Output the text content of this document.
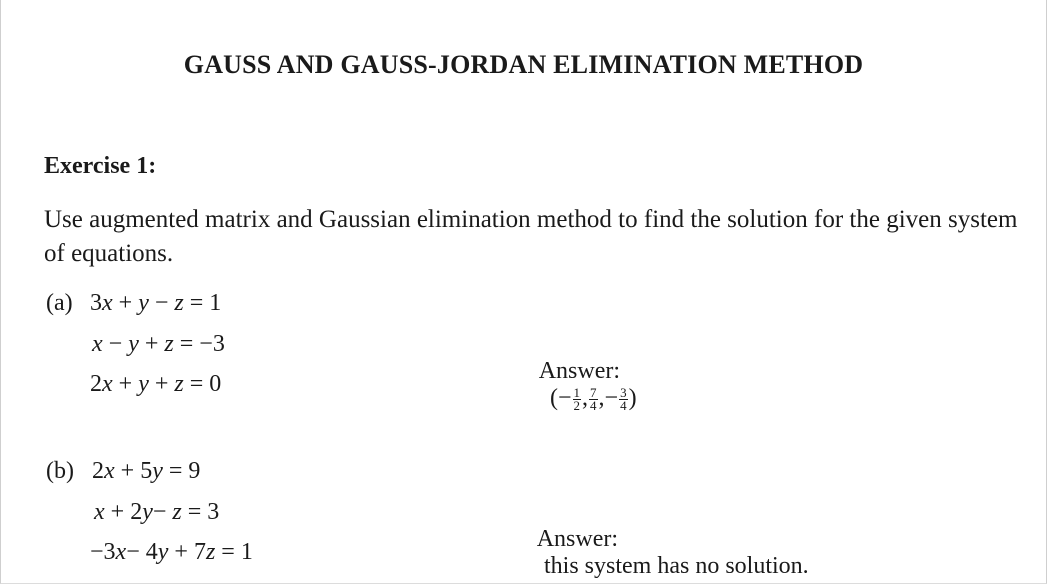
GAUSS AND GAUSS-JORDAN ELIMINATION METHOD
Exercise 1:
Use augmented matrix and Gaussian elimination method to find the solution for the given system of equations.
(a) 3x + y − z = 1
x − y + z = −3
2x + y + z = 0	Answer:
(− $\frac{1}{2}$ , $\frac{7}{4}$ ,− $\frac{3}{4}$ )

(b) 2x + 5y = 9
x + 2y− z = 3
−3x− 4y + 7z = 1	Answer:
this system has no solution.
